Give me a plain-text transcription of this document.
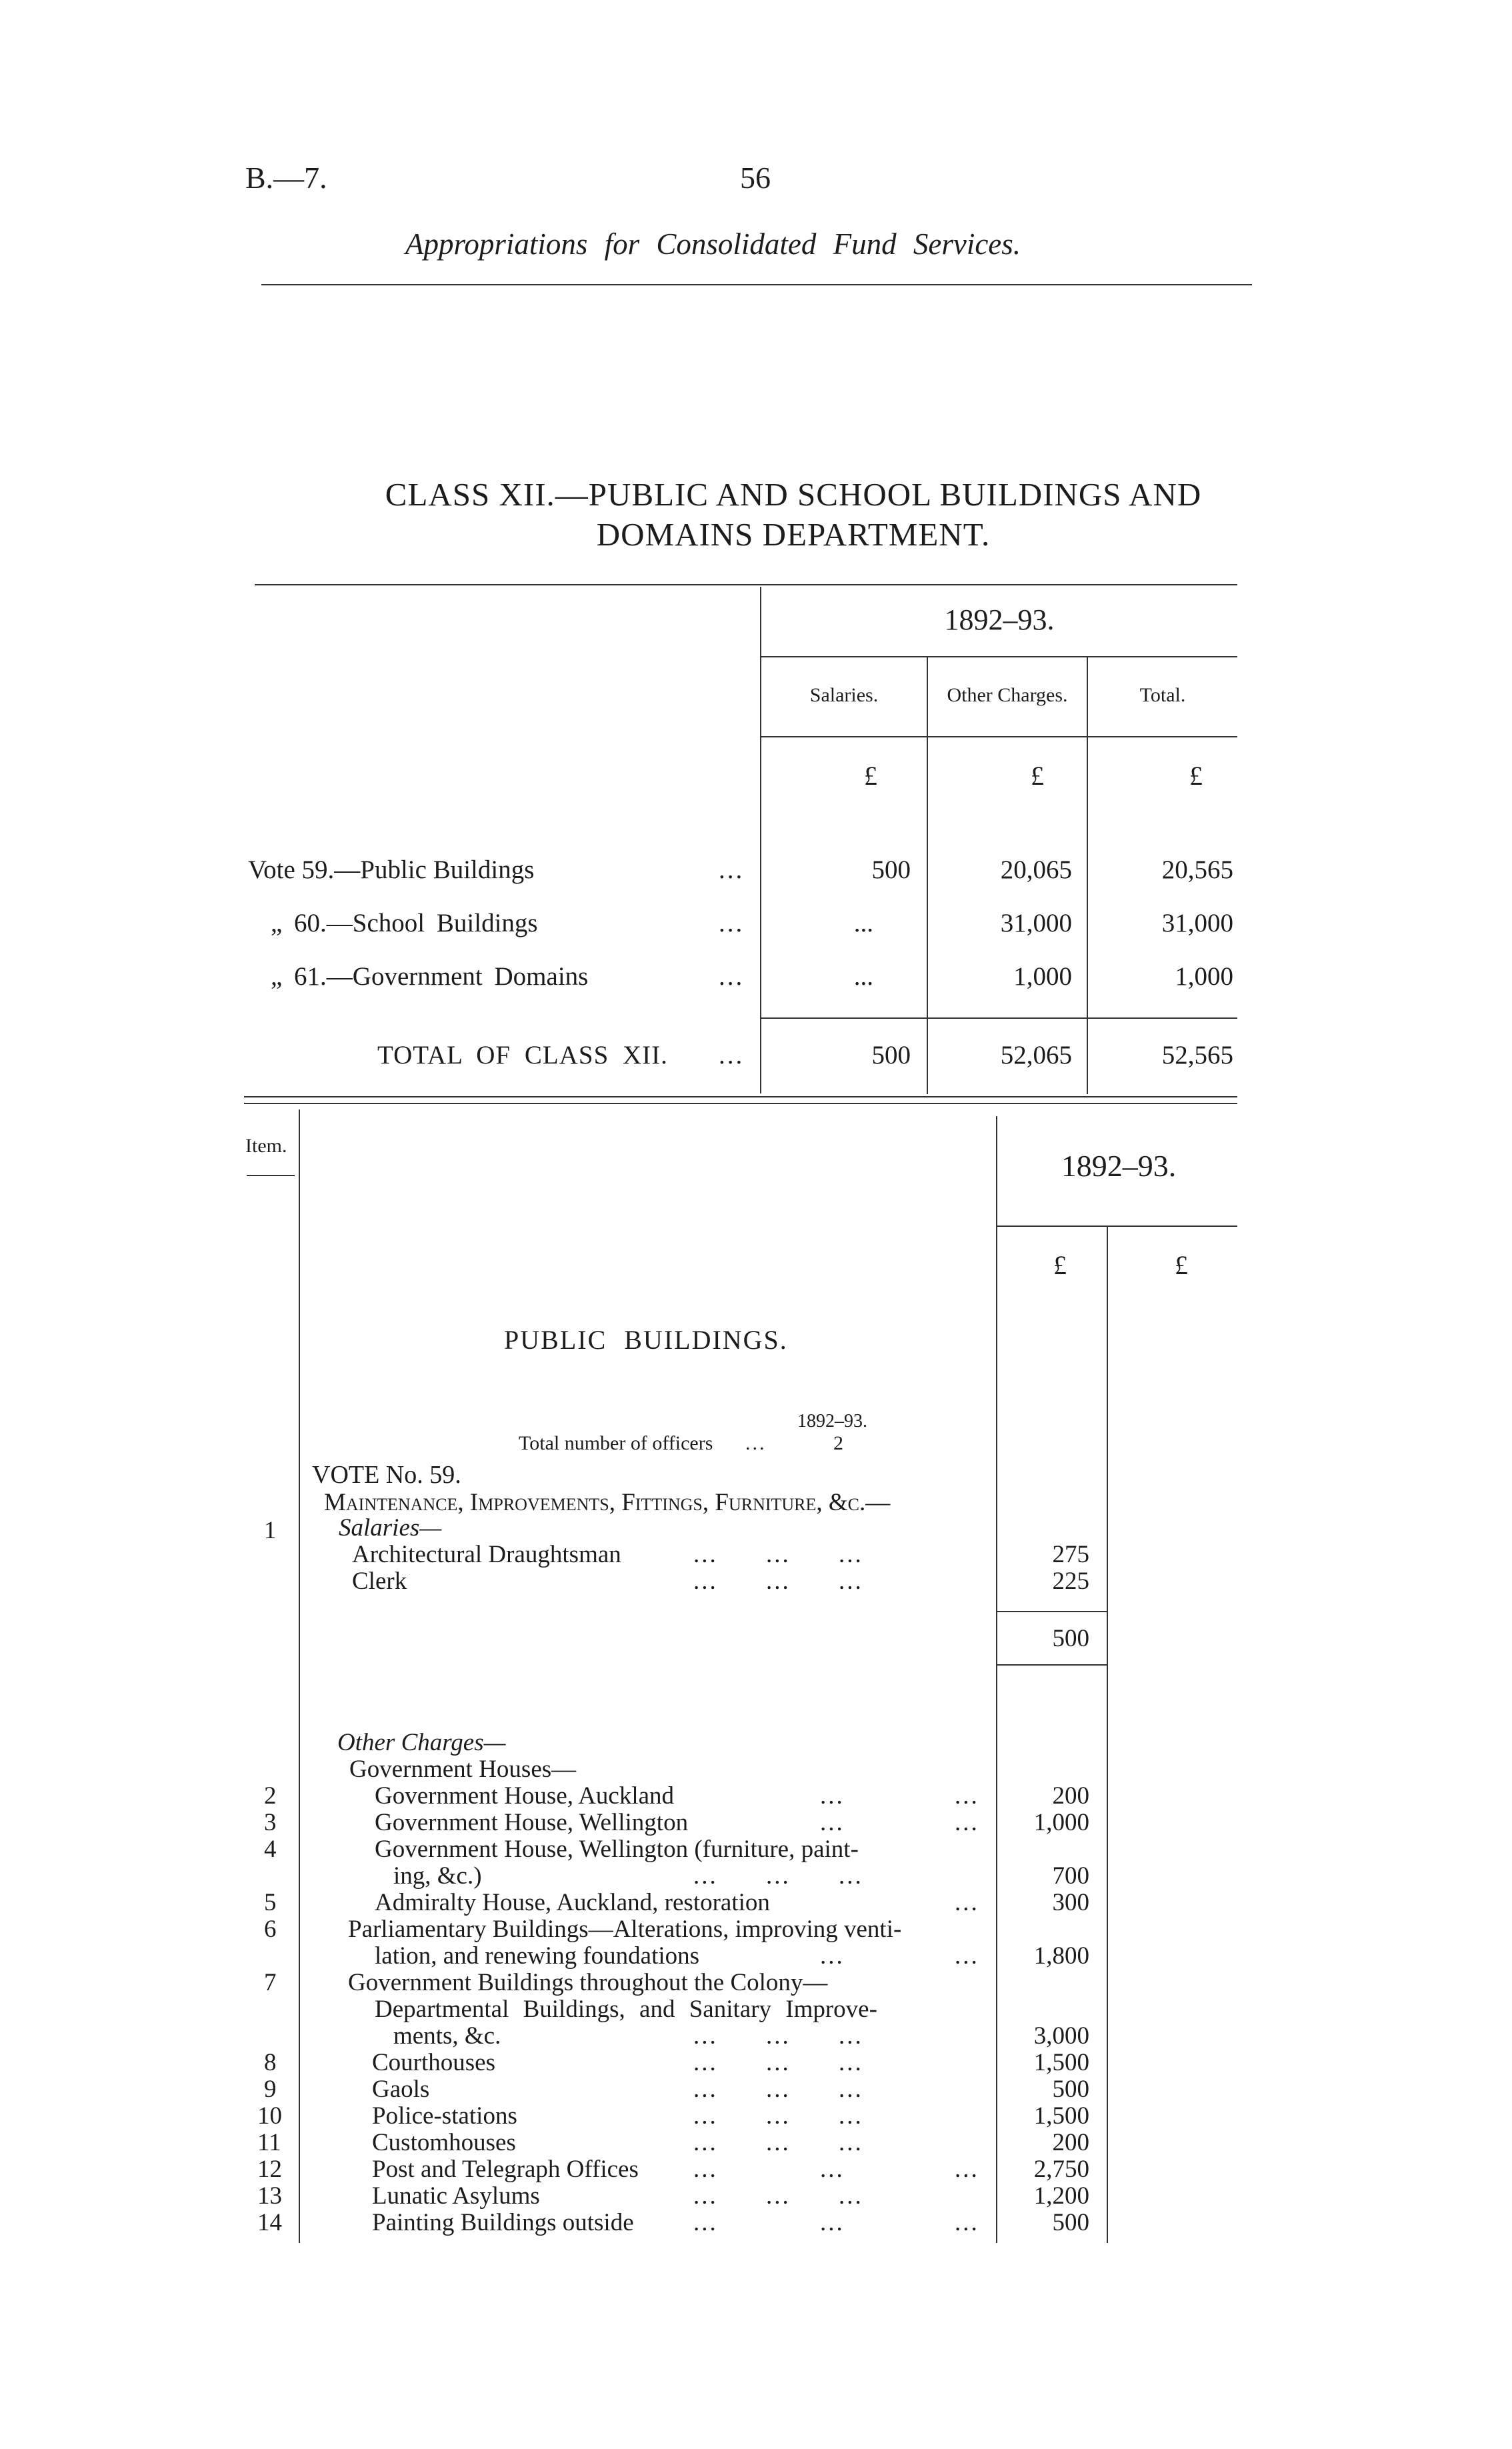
B.—7.	56
Appropriations for Consolidated Fund Services.
CLASS XII.—PUBLIC AND SCHOOL BUILDINGS AND
DOMAINS DEPARTMENT.
1892–93.
Salaries.	Other Charges.	Total.
£	£	£
Vote 59.—Public Buildings	...	500	20,065	20,565
„ 60.—School Buildings	...	...	31,000	31,000
„ 61.—Government Domains	...	...	1,000	1,000
TOTAL OF CLASS XII. ...	500	52,065	52,565
Item.
1892–93.
£	£
PUBLIC BUILDINGS.
1892–93.
Total number of officers ...	2
VOTE No. 59.
Maintenance, Improvements, Fittings, Furniture, &c.—
1	Salaries—
Architectural Draughtsman	... ... ...	275
Clerk	... ... ...	225
500
Other Charges—
Government Houses—
2	Government House, Auckland	...	...	200
3	Government House, Wellington	...	...	1,000
4	Government House, Wellington (furniture, paint-
ing, &c.)	... ... ...	700
5	Admiralty House, Auckland, restoration	...	300
6	Parliamentary Buildings—Alterations, improving venti-
lation, and renewing foundations	...	...	1,800
7	Government Buildings throughout the Colony—
Departmental Buildings, and Sanitary Improve-
ments, &c.	... ... ...	3,000
8	Courthouses	... ... ...	1,500
9	Gaols	... ... ...	500
10	Police-stations	... ... ...	1,500
11	Customhouses	... ... ...	200
12	Post and Telegraph Offices ...	...	...	2,750
13	Lunatic Asylums	... ... ...	1,200
14	Painting Buildings outside ...	...	...	500
